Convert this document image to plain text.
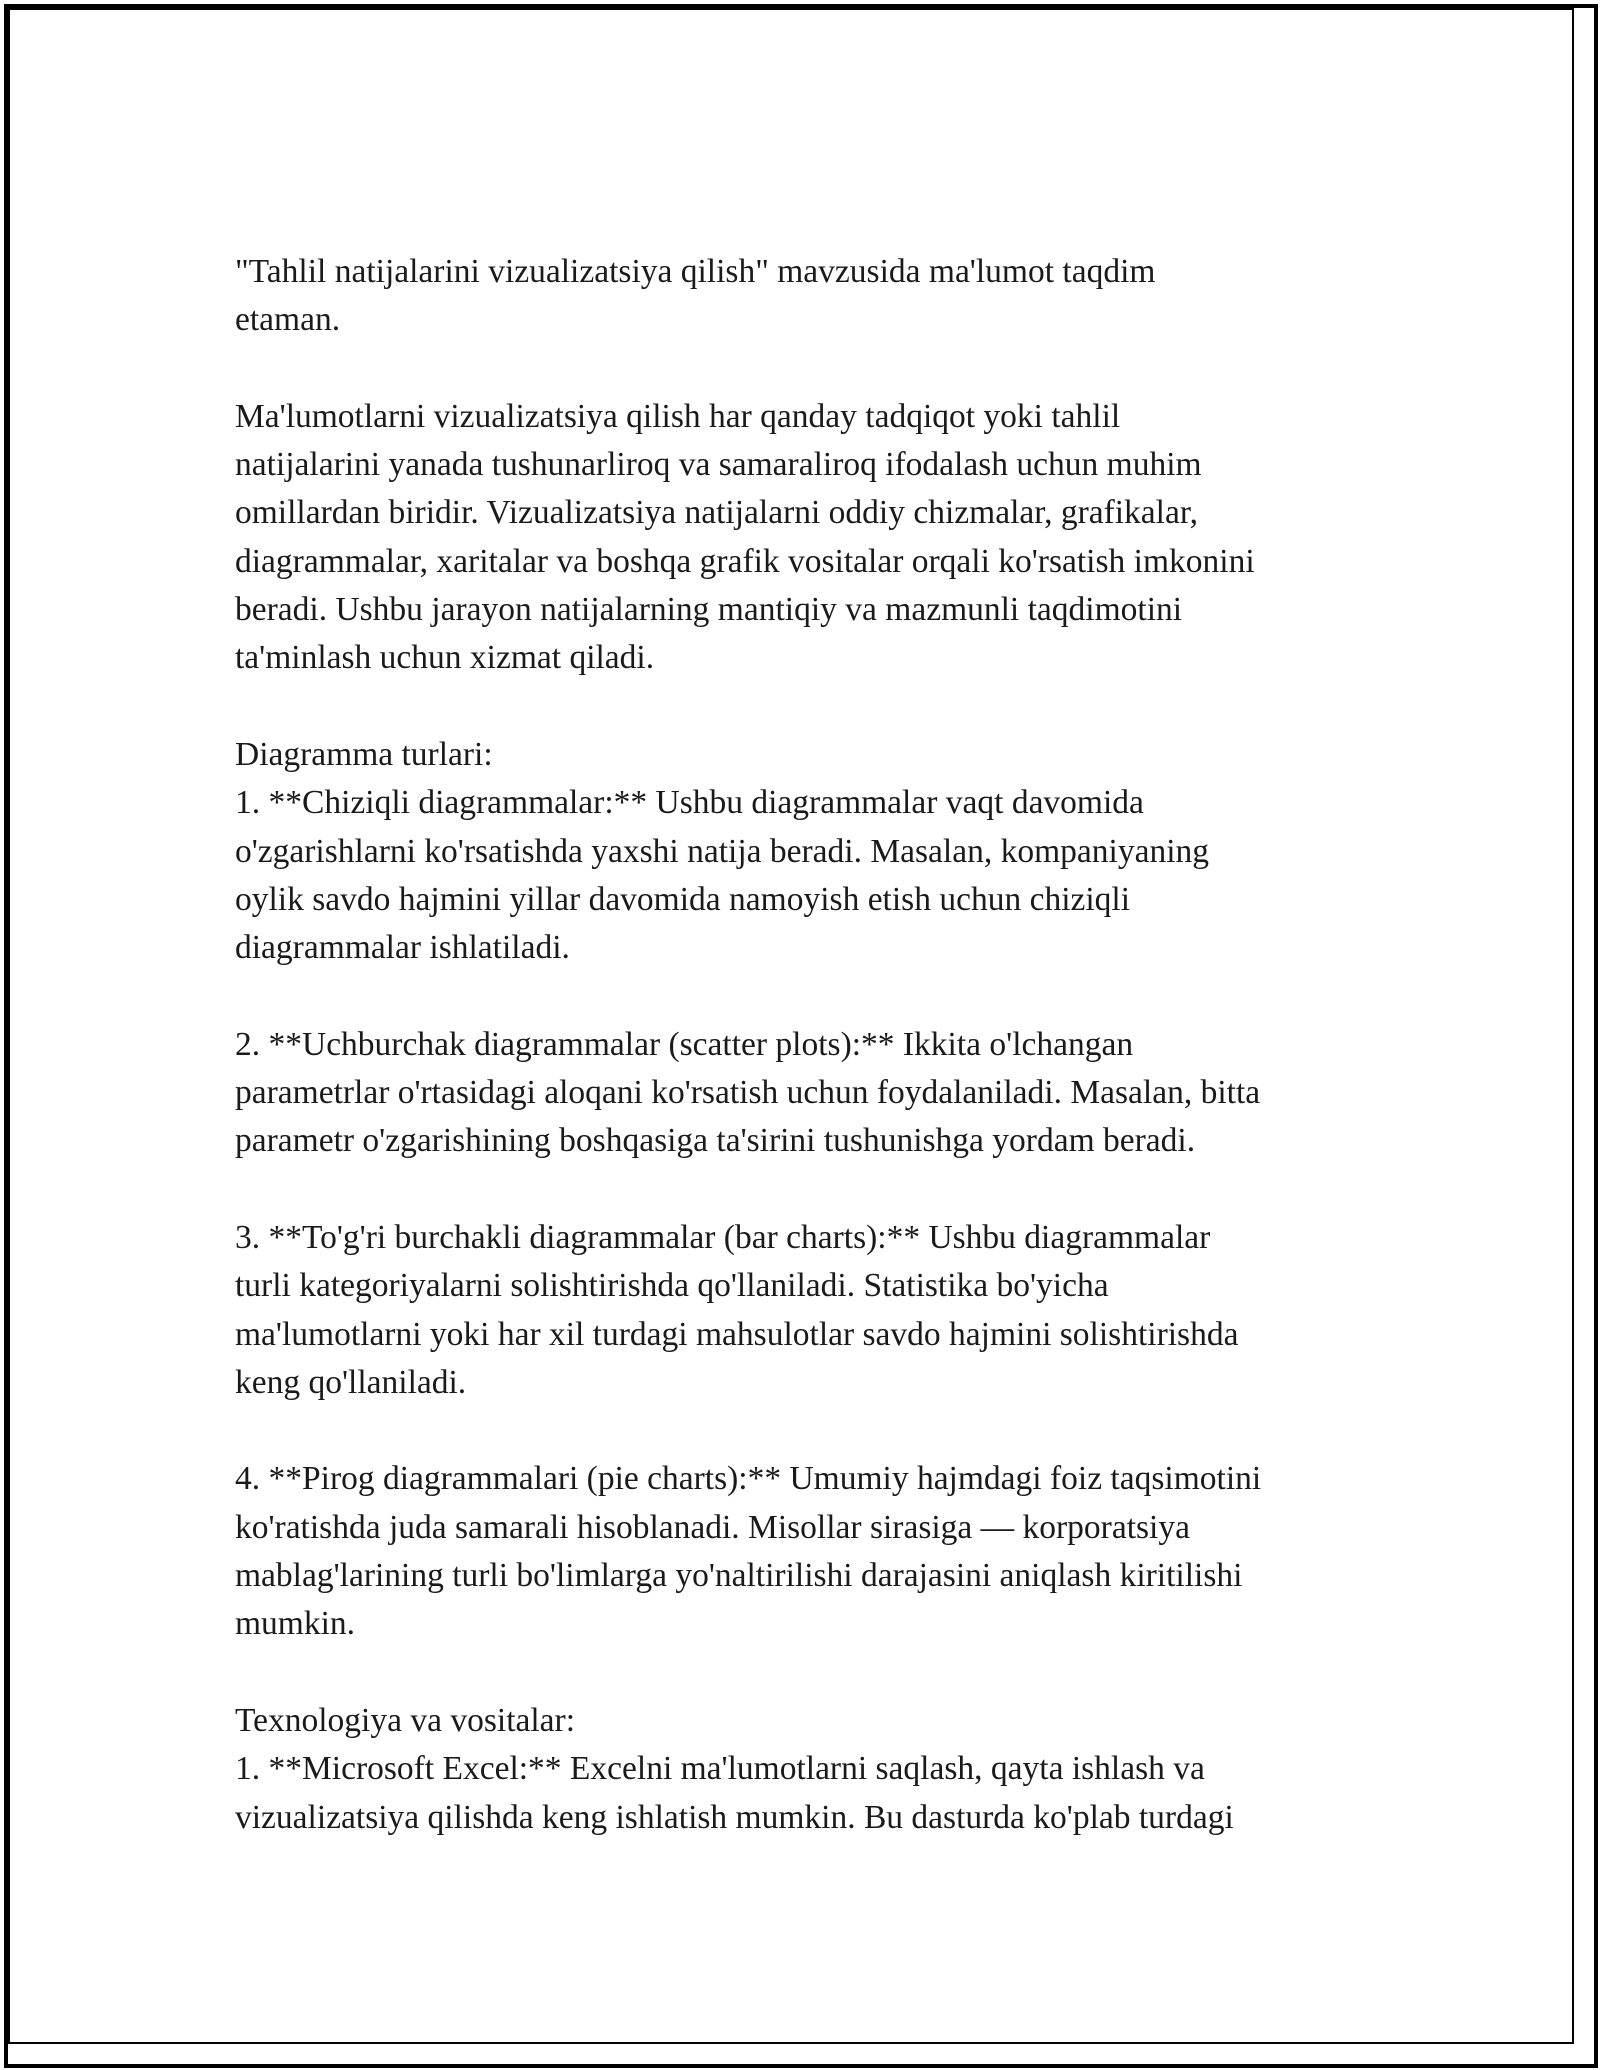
"Tahlil natijalarini vizualizatsiya qilish" mavzusida ma'lumot taqdim
etaman.

Ma'lumotlarni vizualizatsiya qilish har qanday tadqiqot yoki tahlil
natijalarini yanada tushunarliroq va samaraliroq ifodalash uchun muhim
omillardan biridir. Vizualizatsiya natijalarni oddiy chizmalar, grafikalar,
diagrammalar, xaritalar va boshqa grafik vositalar orqali ko'rsatish imkonini
beradi. Ushbu jarayon natijalarning mantiqiy va mazmunli taqdimotini
ta'minlash uchun xizmat qiladi.

Diagramma turlari:

1. **Chiziqli diagrammalar:** Ushbu diagrammalar vaqt davomida
o'zgarishlarni ko'rsatishda yaxshi natija beradi. Masalan, kompaniyaning
oylik savdo hajmini yillar davomida namoyish etish uchun chiziqli
diagrammalar ishlatiladi.

2. **Uchburchak diagrammalar (scatter plots):** Ikkita o'lchangan
parametrlar o'rtasidagi aloqani ko'rsatish uchun foydalaniladi. Masalan, bitta
parametr o'zgarishining boshqasiga ta'sirini tushunishga yordam beradi.

3. **To'g'ri burchakli diagrammalar (bar charts):** Ushbu diagrammalar
turli kategoriyalarni solishtirishda qo'llaniladi. Statistika bo'yicha
ma'lumotlarni yoki har xil turdagi mahsulotlar savdo hajmini solishtirishda
keng qo'llaniladi.

4. **Pirog diagrammalari (pie charts):** Umumiy hajmdagi foiz taqsimotini
ko'ratishda juda samarali hisoblanadi. Misollar sirasiga — korporatsiya
mablag'larining turli bo'limlarga yo'naltirilishi darajasini aniqlash kiritilishi
mumkin.

Texnologiya va vositalar:

1. **Microsoft Excel:** Excelni ma'lumotlarni saqlash, qayta ishlash va
vizualizatsiya qilishda keng ishlatish mumkin. Bu dasturda ko'plab turdagi
